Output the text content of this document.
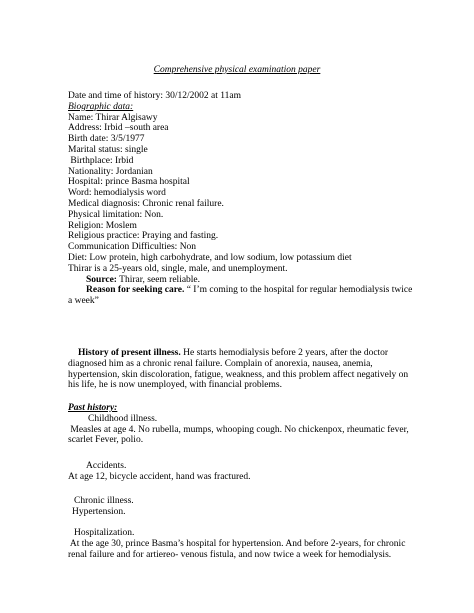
Comprehensive physical examination paper
Date and time of history: 30/12/2002 at 11am
Biographic data:
Name: Thirar Algisawy
Address: Irbid –south area
Birth date: 3/5/1977
Marital status: single
Birthplace: Irbid
Nationality: Jordanian
Hospital: prince Basma hospital
Word: hemodialysis word
Medical diagnosis: Chronic renal failure.
Physical limitation: Non.
Religion: Moslem
Religious practice: Praying and fasting.
Communication Difficulties: Non
Diet: Low protein, high carbohydrate, and low sodium, low potassium diet
Thirar is a 25-years old, single, male, and unemployment.
Source: Thirar, seem reliable.
Reason for seeking care. “ I’m coming to the hospital for regular hemodialysis twice
a week”
History of present illness. He starts hemodialysis before 2 years, after the doctor
diagnosed him as a chronic renal failure. Complain of anorexia, nausea, anemia,
hypertension, skin discoloration, fatigue, weakness, and this problem affect negatively on
his life, he is now unemployed, with financial problems.
Past history:
Childhood illness.
Measles at age 4. No rubella, mumps, whooping cough. No chickenpox, rheumatic fever,
scarlet Fever, polio.
Accidents.
At age 12, bicycle accident, hand was fractured.
Chronic illness.
Hypertension.
Hospitalization.
At the age 30, prince Basma’s hospital for hypertension. And before 2-years, for chronic
renal failure and for artiereo- venous fistula, and now twice a week for hemodialysis.
